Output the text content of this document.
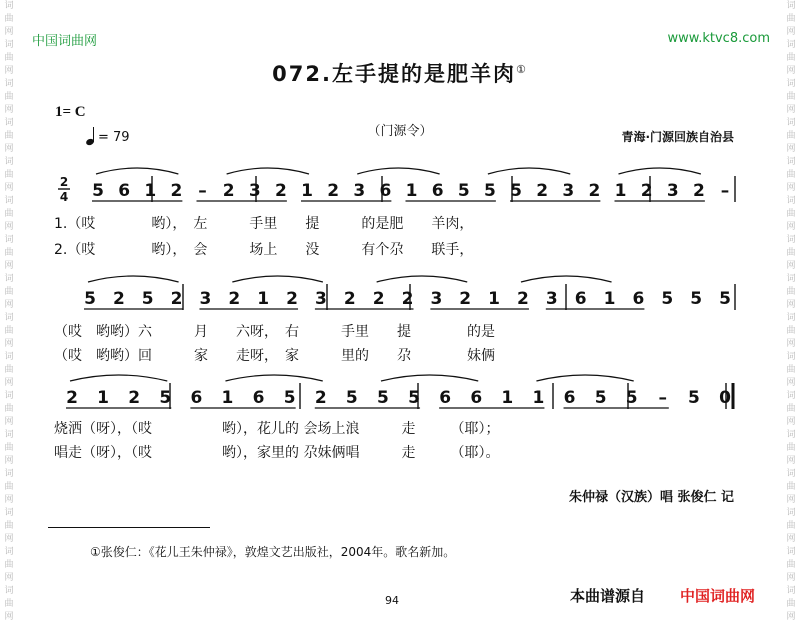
词
曲
网
词
曲
网
词
曲
网
词
曲
网
词
曲
网
词
曲
网
词
曲
网
词
曲
网
词
曲
网
词
曲
网
词
曲
网
词
曲
网
词
曲
网
词
曲
网
词
曲
网
词
曲
网
词
曲
网
词
曲
网
词
曲
网
词
曲
网
词
曲
网
词
曲
网
词
曲
网
词
曲
网
词
曲
网
词
曲
网
词
曲
网
词
曲
网
词
曲
网
词
曲
网
词
曲
网
词
曲
网
中国词曲网	www.ktvc8.com
072.左手提的是肥羊肉①
1= C
= 79	（门源令）	青海·门源回族自治县
2
4 5 6 1 2 – 2 3 2 1 2 3 6 1 6 5 5 5 2 3 2 1 2 3 2 –
5 2 5 2 3 2 1 2 3 2 2 2 3 2 1 2 3 6 1 6 5 5 5
2 1 2 5 6 1 6 5 2 5 5 5 6 6 1 1 6 5 5 – 5 0
1.（哎　　　　哟），　左　　　手里　　提　　　的是肥　　羊肉，
2.（哎　　　　哟），　会　　　场上　　没　　　有个尕　　联手，
（哎　哟哟）六　　　月　　六呀，　右　　　手里　　提　　　　的是
（哎　哟哟）回　　　家　　走呀，　家　　　里的　　尕　　　　妹俩
烧洒（呀），（哎　　　　　哟），花儿的 会场上浪　　　走　　　（耶）；
唱走（呀），（哎　　　　　哟），家里的 尕妹俩唱　　　走　　　（耶）。
朱仲禄（汉族）唱 张俊仁 记
①张俊仁：《花儿王朱仲禄》，敦煌文艺出版社，2004年。歌名新加。
94	本曲谱源自 中国词曲网
